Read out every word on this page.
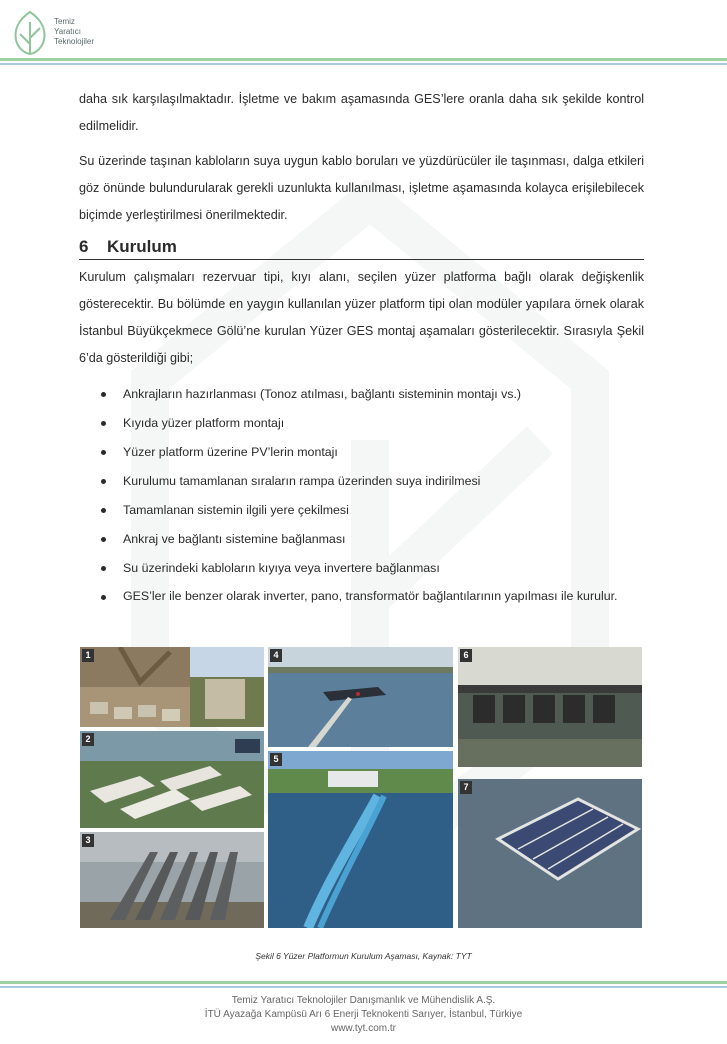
Temiz
Yaratıcı
Teknolojiler

daha sık karşılaşılmaktadır. İşletme ve bakım aşamasında GES’lere oranla daha sık şekilde kontrol edilmelidir.

Su üzerinde taşınan kabloların suya uygun kablo boruları ve yüzdürücüler ile taşınması, dalga etkileri göz önünde bulundurularak gerekli uzunlukta kullanılması, işletme aşamasında kolayca erişilebilecek biçimde yerleştirilmesi önerilmektedir.

6	Kurulum

Kurulum çalışmaları rezervuar tipi, kıyı alanı, seçilen yüzer platforma bağlı olarak değişkenlik gösterecektir. Bu bölümde en yaygın kullanılan yüzer platform tipi olan modüler yapılara örnek olarak İstanbul Büyükçekmece Gölü’ne kurulan Yüzer GES montaj aşamaları gösterilecektir. Sırasıyla Şekil 6’da gösterildiği gibi;

Ankrajların hazırlanması (Tonoz atılması, bağlantı sisteminin montajı vs.)
Kıyıda yüzer platform montajı
Yüzer platform üzerine PV’lerin montajı
Kurulumu tamamlanan sıraların rampa üzerinden suya indirilmesi
Tamamlanan sistemin ilgili yere çekilmesi
Ankraj ve bağlantı sistemine bağlanması
Su üzerindeki kabloların kıyıya veya invertere bağlanması
GES’ler ile benzer olarak inverter, pano, transformatör bağlantılarının yapılması ile kurulur.
1
2
3
4
5
6
7
Şekil 6 Yüzer Platformun Kurulum Aşaması, Kaynak: TYT
Temiz Yaratıcı Teknolojiler Danışmanlık ve Mühendislik A.Ş.
İTÜ Ayazağa Kampüsü Arı 6 Enerji Teknokenti Sarıyer, İstanbul, Türkiye
www.tyt.com.tr
